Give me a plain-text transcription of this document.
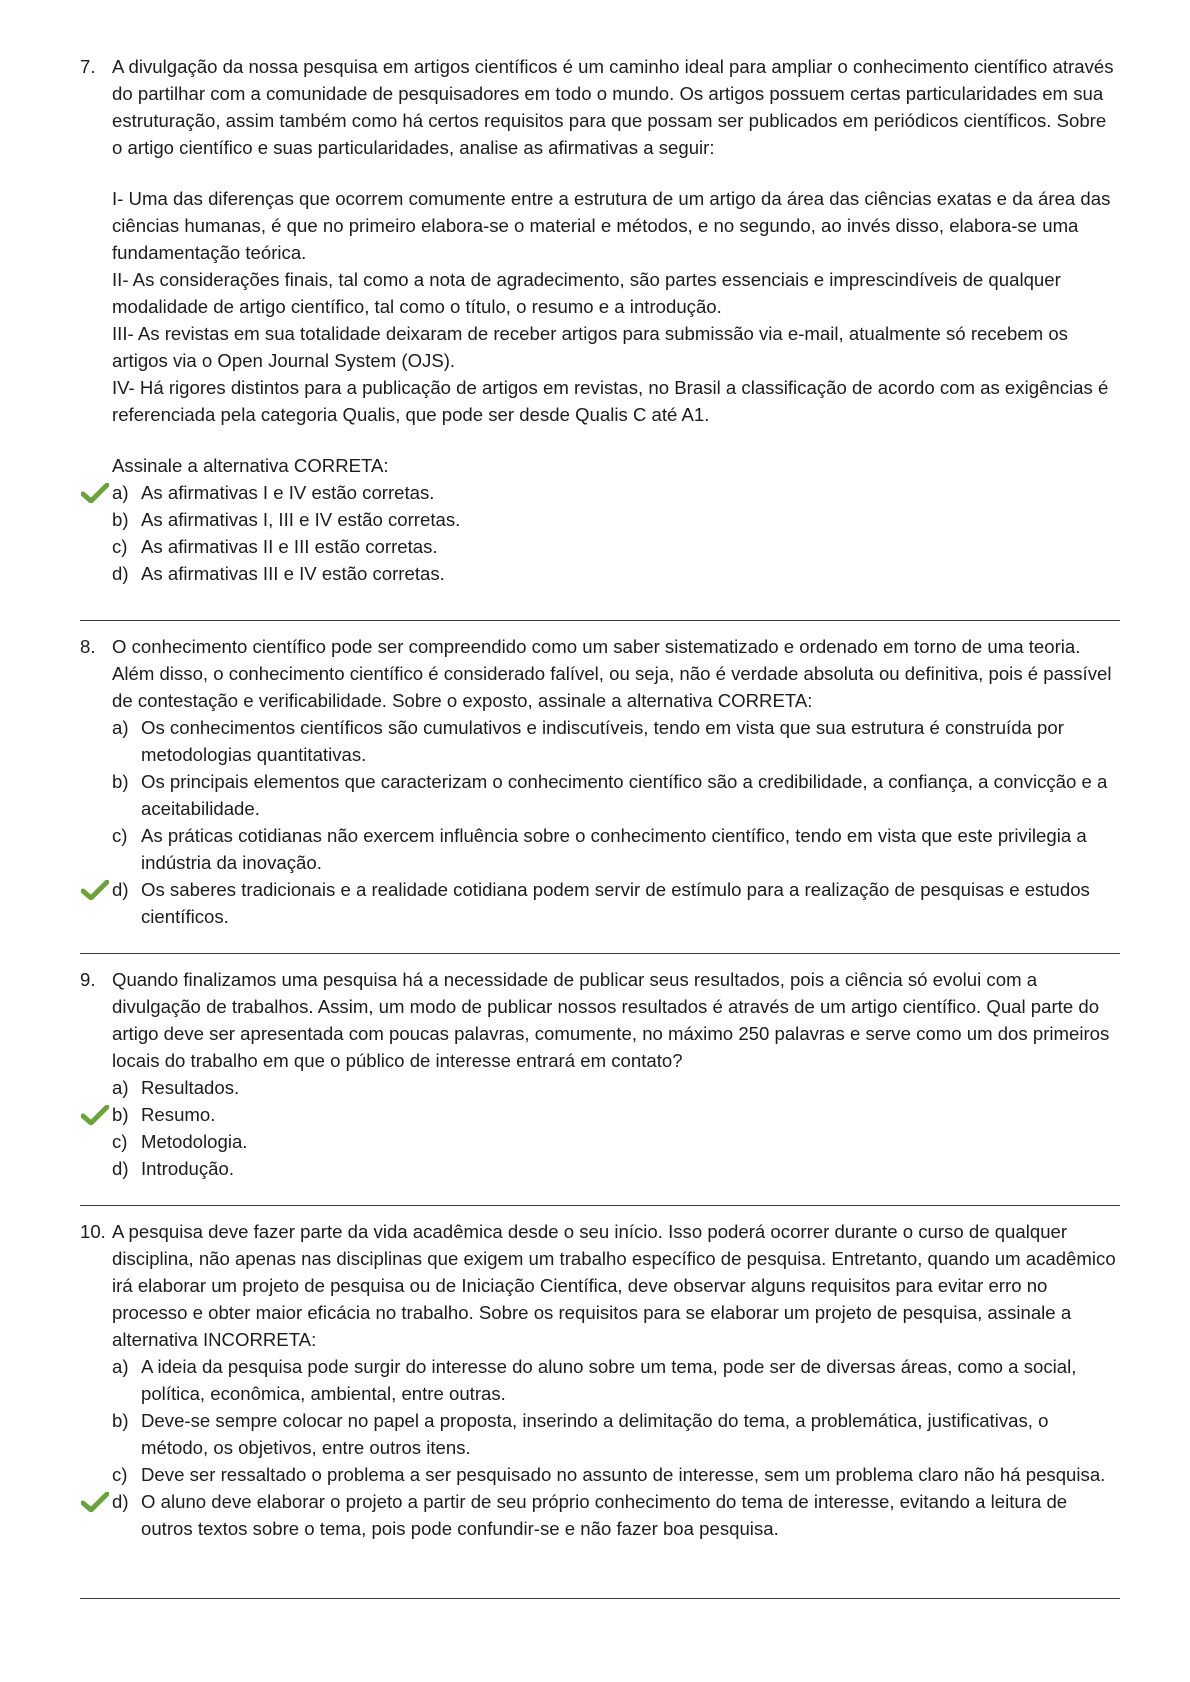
7. A divulgação da nossa pesquisa em artigos científicos é um caminho ideal para ampliar o conhecimento científico através do partilhar com a comunidade de pesquisadores em todo o mundo. Os artigos possuem certas particularidades em sua estruturação, assim também como há certos requisitos para que possam ser publicados em periódicos científicos. Sobre o artigo científico e suas particularidades, analise as afirmativas a seguir:
I- Uma das diferenças que ocorrem comumente entre a estrutura de um artigo da área das ciências exatas e da área das ciências humanas, é que no primeiro elabora-se o material e métodos, e no segundo, ao invés disso, elabora-se uma fundamentação teórica.
II- As considerações finais, tal como a nota de agradecimento, são partes essenciais e imprescindíveis de qualquer modalidade de artigo científico, tal como o título, o resumo e a introdução.
III- As revistas em sua totalidade deixaram de receber artigos para submissão via e-mail, atualmente só recebem os artigos via o Open Journal System (OJS).
IV- Há rigores distintos para a publicação de artigos em revistas, no Brasil a classificação de acordo com as exigências é referenciada pela categoria Qualis, que pode ser desde Qualis C até A1.
Assinale a alternativa CORRETA:
a) As afirmativas I e IV estão corretas.
b) As afirmativas I, III e IV estão corretas.
c) As afirmativas II e III estão corretas.
d) As afirmativas III e IV estão corretas.
8. O conhecimento científico pode ser compreendido como um saber sistematizado e ordenado em torno de uma teoria. Além disso, o conhecimento científico é considerado falível, ou seja, não é verdade absoluta ou definitiva, pois é passível de contestação e verificabilidade. Sobre o exposto, assinale a alternativa CORRETA:
a) Os conhecimentos científicos são cumulativos e indiscutíveis, tendo em vista que sua estrutura é construída por metodologias quantitativas.
b) Os principais elementos que caracterizam o conhecimento científico são a credibilidade, a confiança, a convicção e a aceitabilidade.
c) As práticas cotidianas não exercem influência sobre o conhecimento científico, tendo em vista que este privilegia a indústria da inovação.
d) Os saberes tradicionais e a realidade cotidiana podem servir de estímulo para a realização de pesquisas e estudos científicos.
9. Quando finalizamos uma pesquisa há a necessidade de publicar seus resultados, pois a ciência só evolui com a divulgação de trabalhos. Assim, um modo de publicar nossos resultados é através de um artigo científico. Qual parte do artigo deve ser apresentada com poucas palavras, comumente, no máximo 250 palavras e serve como um dos primeiros locais do trabalho em que o público de interesse entrará em contato?
a) Resultados.
b) Resumo.
c) Metodologia.
d) Introdução.
10. A pesquisa deve fazer parte da vida acadêmica desde o seu início. Isso poderá ocorrer durante o curso de qualquer disciplina, não apenas nas disciplinas que exigem um trabalho específico de pesquisa. Entretanto, quando um acadêmico irá elaborar um projeto de pesquisa ou de Iniciação Científica, deve observar alguns requisitos para evitar erro no processo e obter maior eficácia no trabalho. Sobre os requisitos para se elaborar um projeto de pesquisa, assinale a alternativa INCORRETA:
a) A ideia da pesquisa pode surgir do interesse do aluno sobre um tema, pode ser de diversas áreas, como a social, política, econômica, ambiental, entre outras.
b) Deve-se sempre colocar no papel a proposta, inserindo a delimitação do tema, a problemática, justificativas, o método, os objetivos, entre outros itens.
c) Deve ser ressaltado o problema a ser pesquisado no assunto de interesse, sem um problema claro não há pesquisa.
d) O aluno deve elaborar o projeto a partir de seu próprio conhecimento do tema de interesse, evitando a leitura de outros textos sobre o tema, pois pode confundir-se e não fazer boa pesquisa.
